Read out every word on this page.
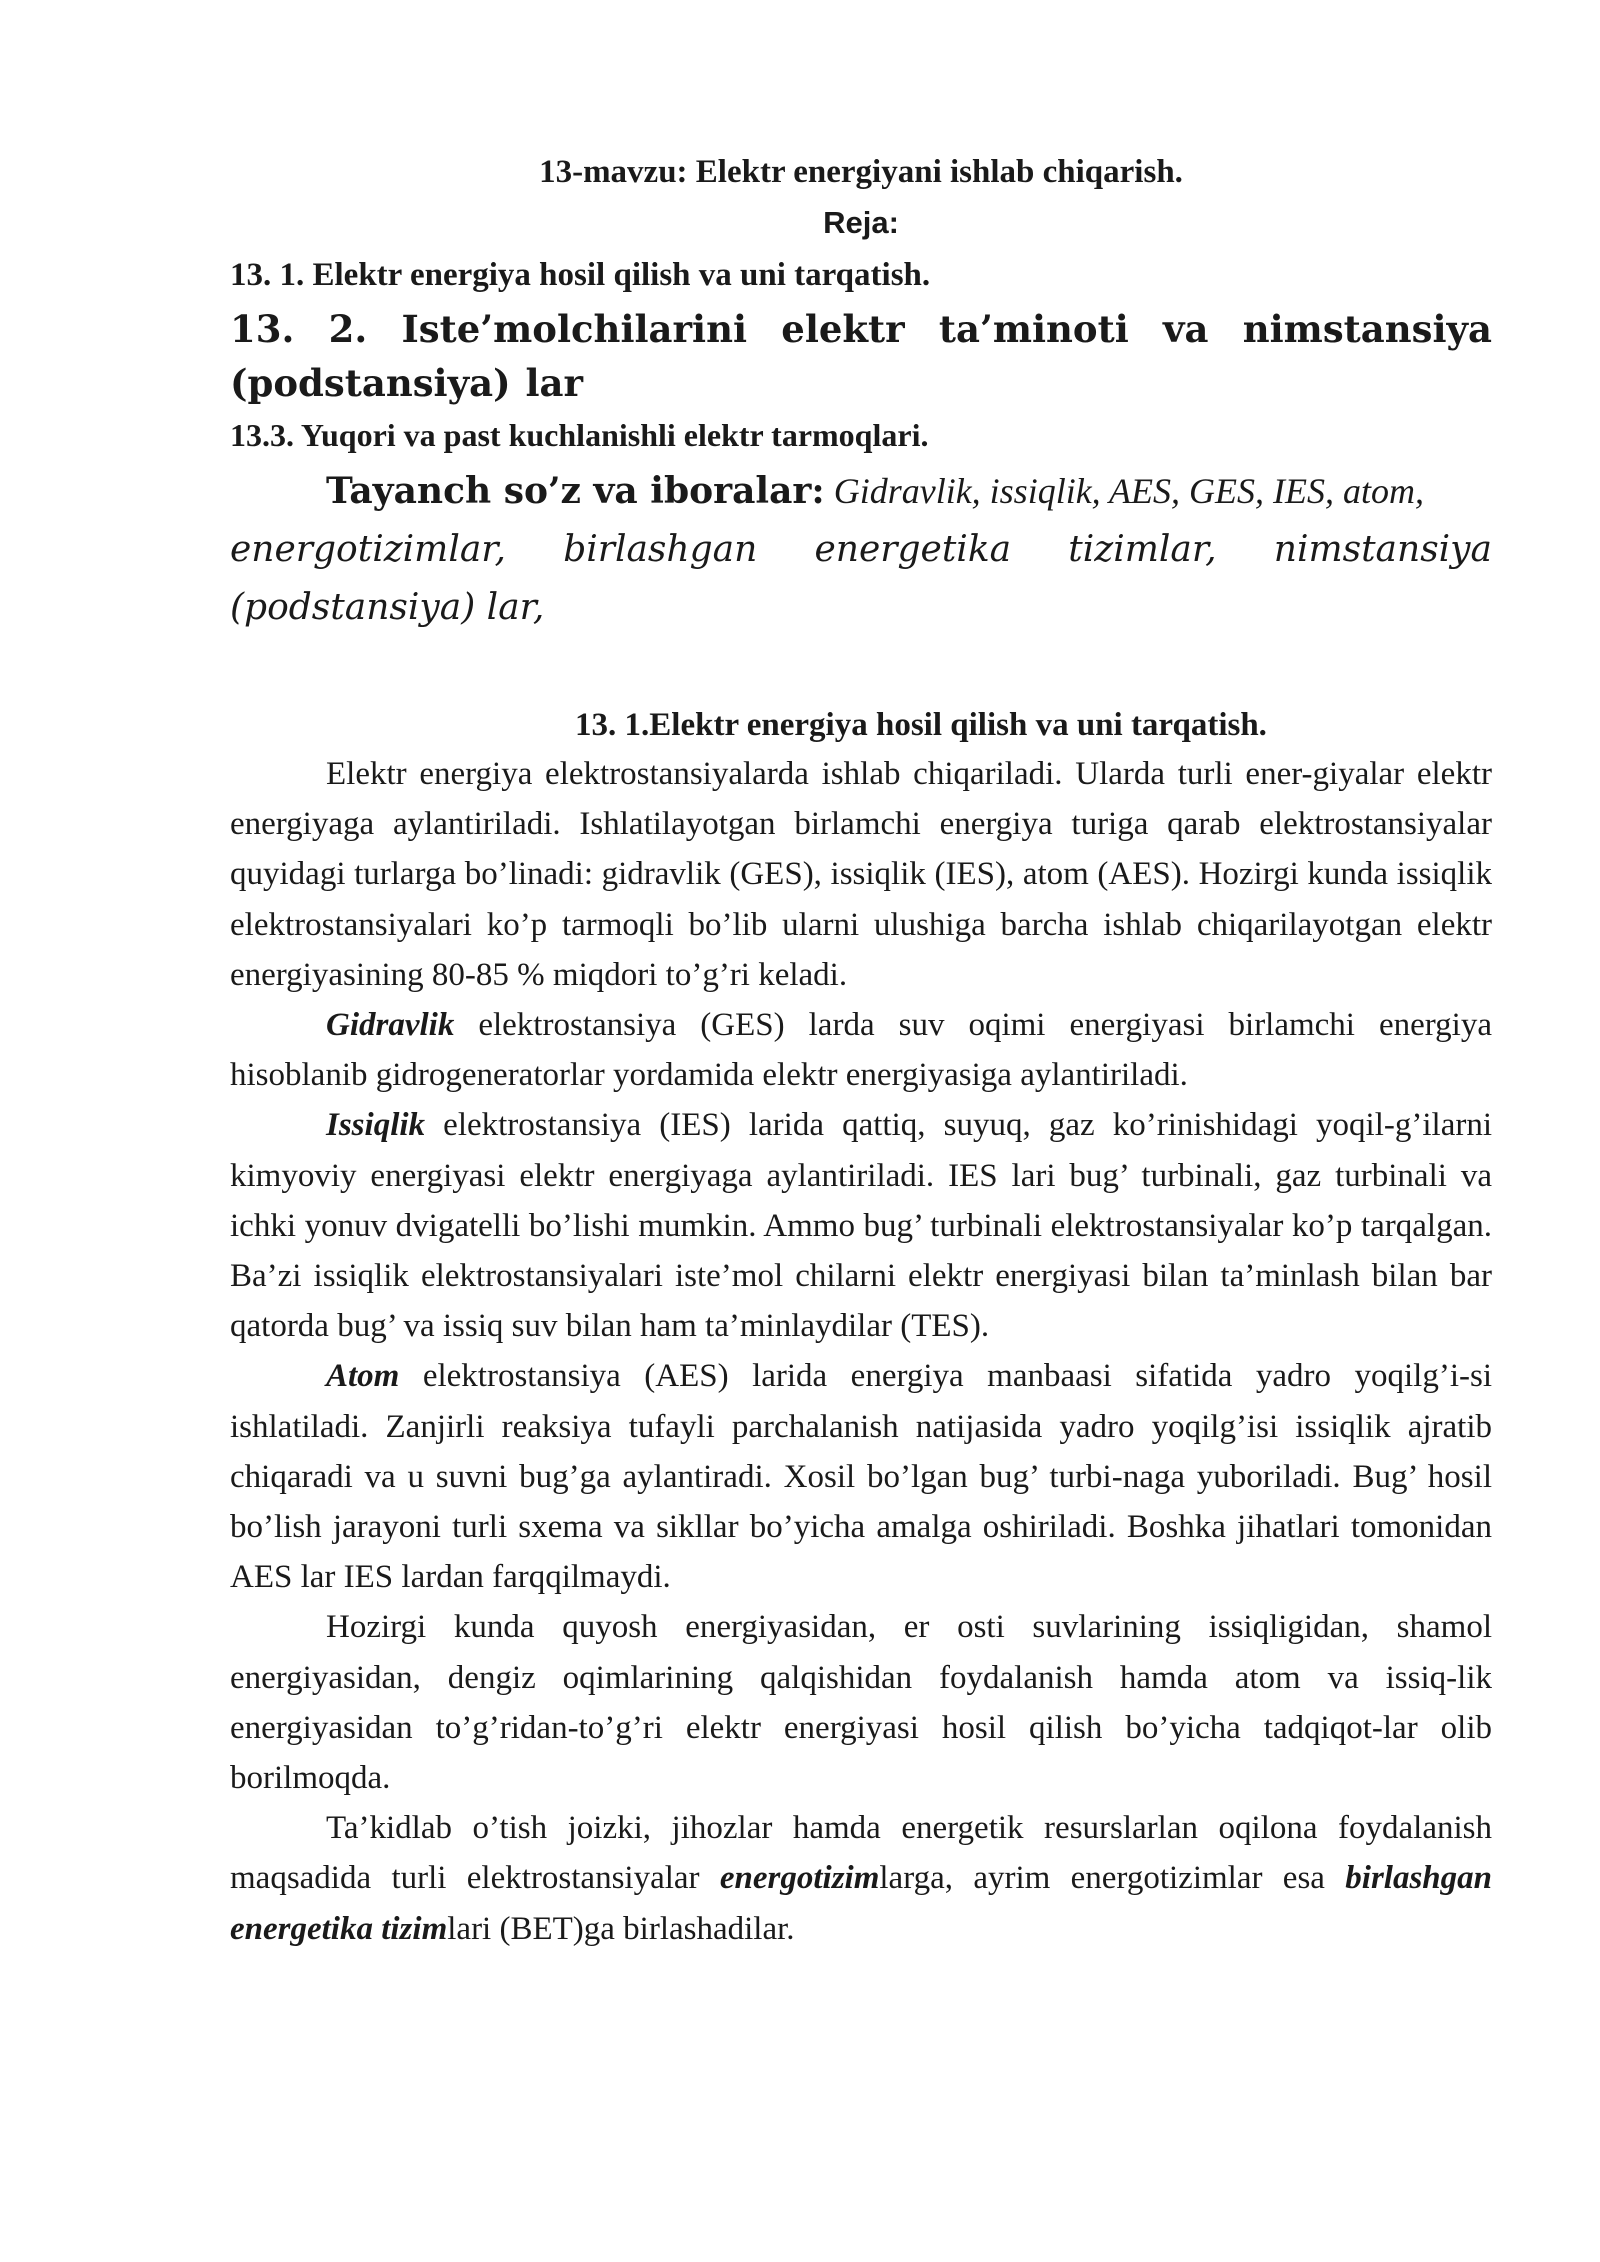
13-mavzu: Elektr energiyani ishlab chiqarish.

Reja:

13. 1. Elektr energiya hosil qilish va uni tarqatish.

13. 2. Iste’molchilarini elektr ta’minoti va nimstansiya
(podstansiya) lar

13.3. Yuqori va past kuchlanishli elektr tarmoqlari.

Tayanch so’z va iboralar: Gidravlik, issiqlik, AES, GES, IES, atom,
energotizimlar, birlashgan energetika tizimlar, nimstansiya
(podstansiya) lar,

13. 1.Elektr energiya hosil qilish va uni tarqatish.

Elektr energiya elektrostansiyalarda ishlab chiqariladi. Ularda turli ener-giyalar elektr energiyaga aylantiriladi. Ishlatilayotgan birlamchi energiya turiga qarab elektrostansiyalar quyidagi turlarga bo’linadi: gidravlik (GES), issiqlik (IES), atom (AES). Hozirgi kunda issiqlik elektrostansiyalari ko’p tarmoqli bo’lib ularni ulushiga barcha ishlab chiqarilayotgan elektr energiyasining 80-85 % miqdori to’g’ri keladi.

Gidravlik elektrostansiya (GES) larda suv oqimi energiyasi birlamchi energiya hisoblanib gidrogeneratorlar yordamida elektr energiyasiga aylantiriladi.

Issiqlik elektrostansiya (IES) larida qattiq, suyuq, gaz ko’rinishidagi yoqil-g’ilarni kimyoviy energiyasi elektr energiyaga aylantiriladi. IES lari bug’ turbinali, gaz turbinali va ichki yonuv dvigatelli bo’lishi mumkin. Ammo bug’ turbinali elektrostansiyalar ko’p tarqalgan. Ba’zi issiqlik elektrostansiyalari iste’mol chilarni elektr energiyasi bilan ta’minlash bilan bar qatorda bug’ va issiq suv bilan ham ta’minlaydilar (TES).

Atom elektrostansiya (AES) larida energiya manbaasi sifatida yadro yoqilg’i-si ishlatiladi. Zanjirli reaksiya tufayli parchalanish natijasida yadro yoqilg’isi issiqlik ajratib chiqaradi va u suvni bug’ga aylantiradi. Xosil bo’lgan bug’ turbi-naga yuboriladi. Bug’ hosil bo’lish jarayoni turli sxema va sikllar bo’yicha amalga oshiriladi. Boshka jihatlari tomonidan AES lar IES lardan farqqilmaydi.

Hozirgi kunda quyosh energiyasidan, er osti suvlarining issiqligidan, shamol energiyasidan, dengiz oqimlarining qalqishidan foydalanish hamda atom va issiq-lik energiyasidan to’g’ridan-to’g’ri elektr energiyasi hosil qilish bo’yicha tadqiqot-lar olib borilmoqda.

Ta’kidlab o’tish joizki, jihozlar hamda energetik resurslarlan oqilona foydalanish maqsadida turli elektrostansiyalar energotizimlarga, ayrim energotizimlar esa birlashgan energetika tizimlari (BET)ga birlashadilar.
